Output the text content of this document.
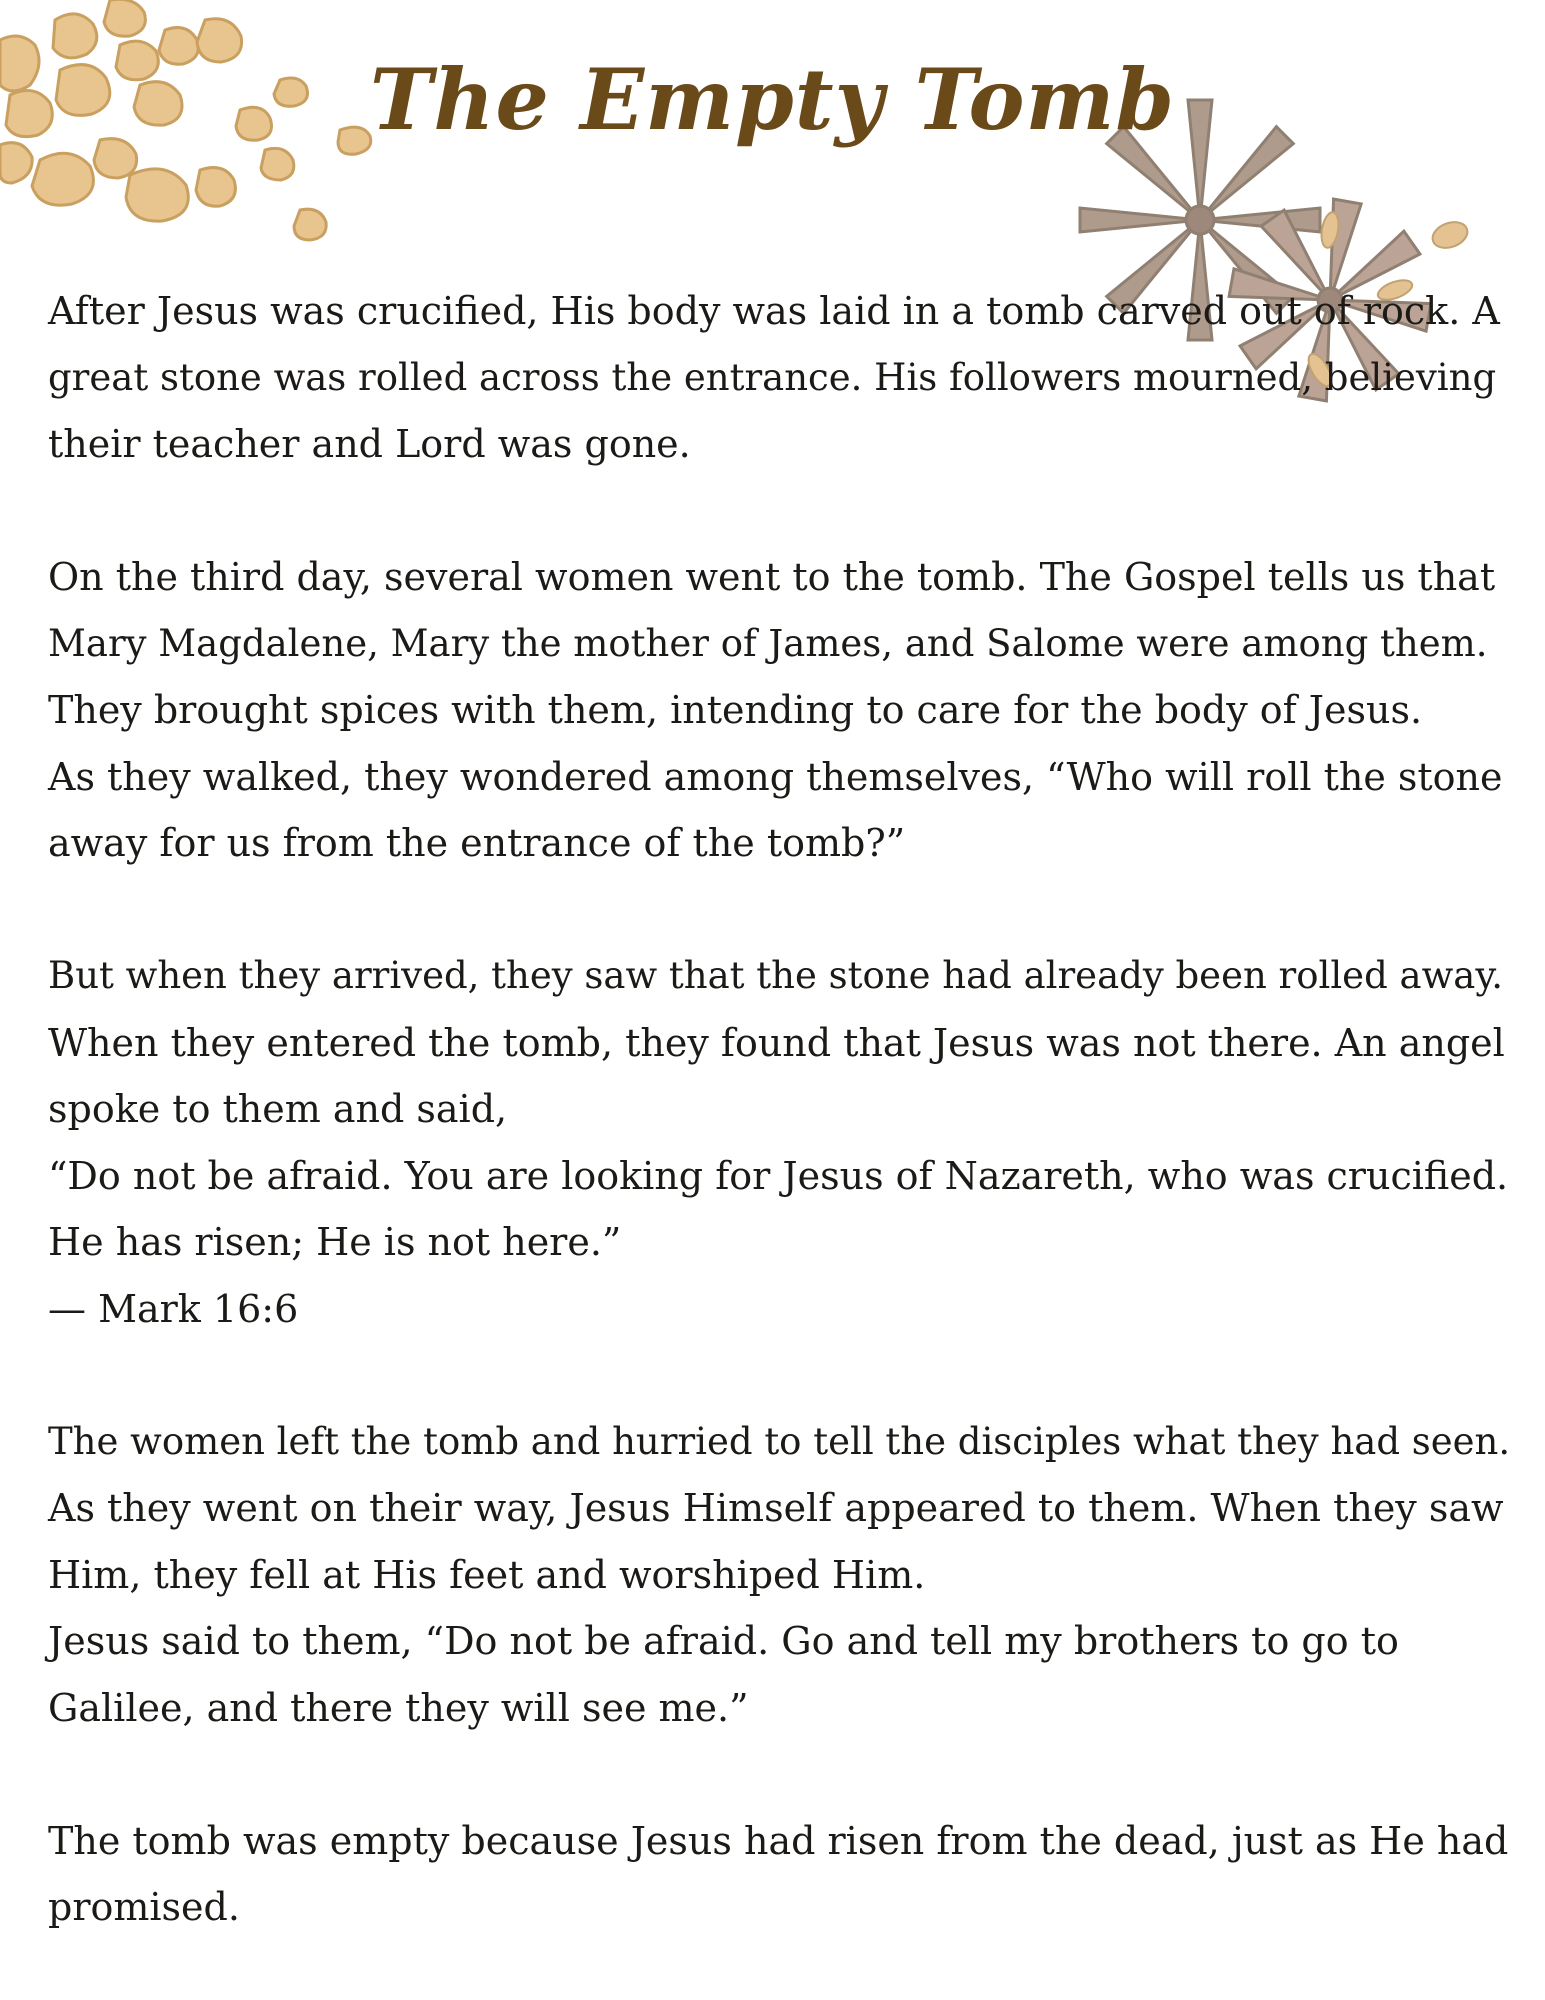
The Empty Tomb

After Jesus was crucified, His body was laid in a tomb carved out of rock. A
great stone was rolled across the entrance. His followers mourned, believing
their teacher and Lord was gone.

On the third day, several women went to the tomb. The Gospel tells us that
Mary Magdalene, Mary the mother of James, and Salome were among them.
They brought spices with them, intending to care for the body of Jesus.
As they walked, they wondered among themselves, “Who will roll the stone
away for us from the entrance of the tomb?”

But when they arrived, they saw that the stone had already been rolled away.
When they entered the tomb, they found that Jesus was not there. An angel
spoke to them and said,
“Do not be afraid. You are looking for Jesus of Nazareth, who was crucified.
He has risen; He is not here.”
— Mark 16:6

The women left the tomb and hurried to tell the disciples what they had seen.
As they went on their way, Jesus Himself appeared to them. When they saw
Him, they fell at His feet and worshiped Him.
Jesus said to them, “Do not be afraid. Go and tell my brothers to go to
Galilee, and there they will see me.”

The tomb was empty because Jesus had risen from the dead, just as He had
promised.
